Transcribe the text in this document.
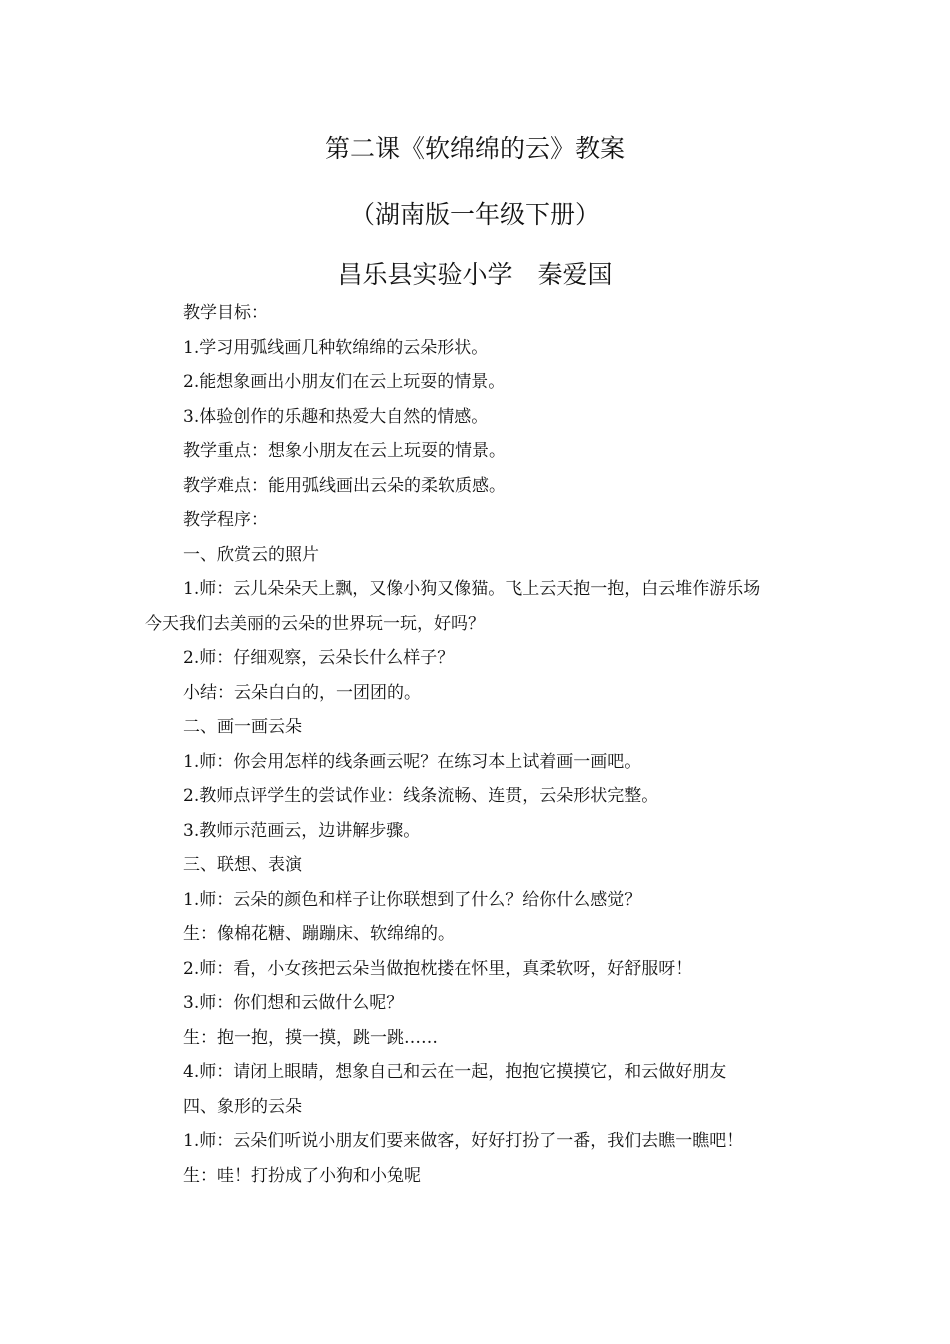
第二课《软绵绵的云》教案
（湖南版一年级下册）
昌乐县实验小学　秦爱国
教学目标：
1.学习用弧线画几种软绵绵的云朵形状。
2.能想象画出小朋友们在云上玩耍的情景。
3.体验创作的乐趣和热爱大自然的情感。
教学重点：想象小朋友在云上玩耍的情景。
教学难点：能用弧线画出云朵的柔软质感。
教学程序：
一、欣赏云的照片
1.师：云儿朵朵天上飘，又像小狗又像猫。飞上云天抱一抱，白云堆作游乐场
今天我们去美丽的云朵的世界玩一玩，好吗？
2.师：仔细观察，云朵长什么样子？
小结：云朵白白的，一团团的。
二、画一画云朵
1.师：你会用怎样的线条画云呢？在练习本上试着画一画吧。
2.教师点评学生的尝试作业：线条流畅、连贯，云朵形状完整。
3.教师示范画云，边讲解步骤。
三、联想、表演
1.师：云朵的颜色和样子让你联想到了什么？给你什么感觉？
生：像棉花糖、蹦蹦床、软绵绵的。
2.师：看，小女孩把云朵当做抱枕搂在怀里，真柔软呀，好舒服呀！
3.师：你们想和云做什么呢？
生：抱一抱，摸一摸，跳一跳……
4.师：请闭上眼睛，想象自己和云在一起，抱抱它摸摸它，和云做好朋友
四、象形的云朵
1.师：云朵们听说小朋友们要来做客，好好打扮了一番，我们去瞧一瞧吧！
生：哇！打扮成了小狗和小兔呢
